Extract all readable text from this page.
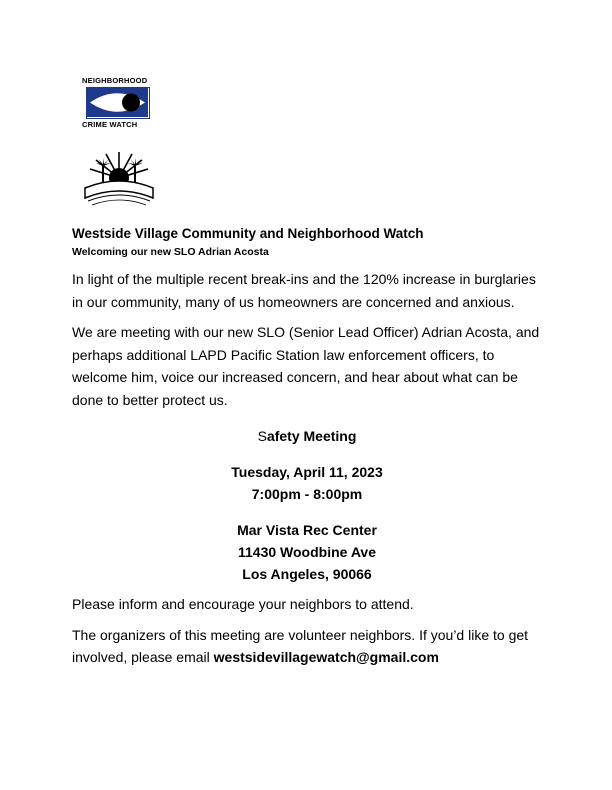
NEIGHBORHOOD
CRIME WATCH
Westside Village Community and Neighborhood Watch
Welcoming our new SLO Adrian Acosta

In light of the multiple recent break-ins and the 120% increase in burglaries in our community, many of us homeowners are concerned and anxious.

We are meeting with our new SLO (Senior Lead Officer) Adrian Acosta, and perhaps additional LAPD Pacific Station law enforcement officers, to welcome him, voice our increased concern, and hear about what can be done to better protect us.

Safety Meeting
Tuesday, April 11, 2023
7:00pm - 8:00pm
Mar Vista Rec Center
11430 Woodbine Ave
Los Angeles, 90066

Please inform and encourage your neighbors to attend.

The organizers of this meeting are volunteer neighbors. If you’d like to get involved, please email westsidevillagewatch@gmail.com
